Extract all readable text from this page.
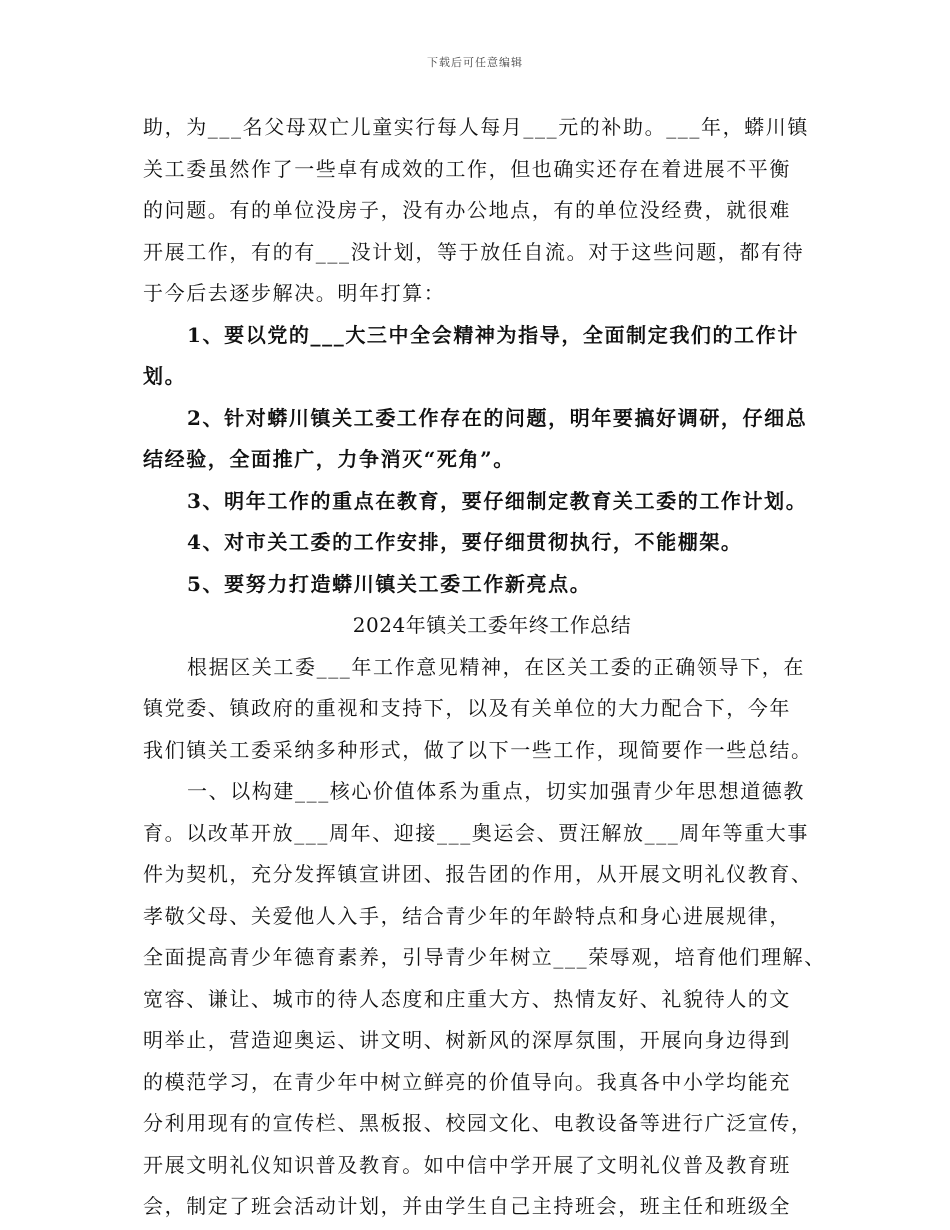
下载后可任意编辑
助，为___名父母双亡儿童实行每人每月___元的补助。___年，蟒川镇
关工委虽然作了一些卓有成效的工作，但也确实还存在着进展不平衡
的问题。有的单位没房子，没有办公地点，有的单位没经费，就很难
开展工作，有的有___没计划，等于放任自流。对于这些问题，都有待
于今后去逐步解决。明年打算：
1、要以党的___大三中全会精神为指导，全面制定我们的工作计
划。
2、针对蟒川镇关工委工作存在的问题，明年要搞好调研，仔细总
结经验，全面推广，力争消灭“死角”。
3、明年工作的重点在教育，要仔细制定教育关工委的工作计划。
4、对市关工委的工作安排，要仔细贯彻执行，不能棚架。
5、要努力打造蟒川镇关工委工作新亮点。
2024年镇关工委年终工作总结
根据区关工委___年工作意见精神，在区关工委的正确领导下，在
镇党委、镇政府的重视和支持下，以及有关单位的大力配合下，今年
我们镇关工委采纳多种形式，做了以下一些工作，现简要作一些总结。
一、以构建___核心价值体系为重点，切实加强青少年思想道德教
育。以改革开放___周年、迎接___奥运会、贾汪解放___周年等重大事
件为契机，充分发挥镇宣讲团、报告团的作用，从开展文明礼仪教育、
孝敬父母、关爱他人入手，结合青少年的年龄特点和身心进展规律，
全面提高青少年德育素养，引导青少年树立___荣辱观，培育他们理解、
宽容、谦让、城市的待人态度和庄重大方、热情友好、礼貌待人的文
明举止，营造迎奥运、讲文明、树新风的深厚氛围，开展向身边得到
的模范学习，在青少年中树立鲜亮的价值导向。我真各中小学均能充
分利用现有的宣传栏、黑板报、校园文化、电教设备等进行广泛宣传，
开展文明礼仪知识普及教育。如中信中学开展了文明礼仪普及教育班
会，制定了班会活动计划，并由学生自己主持班会，班主任和班级全
